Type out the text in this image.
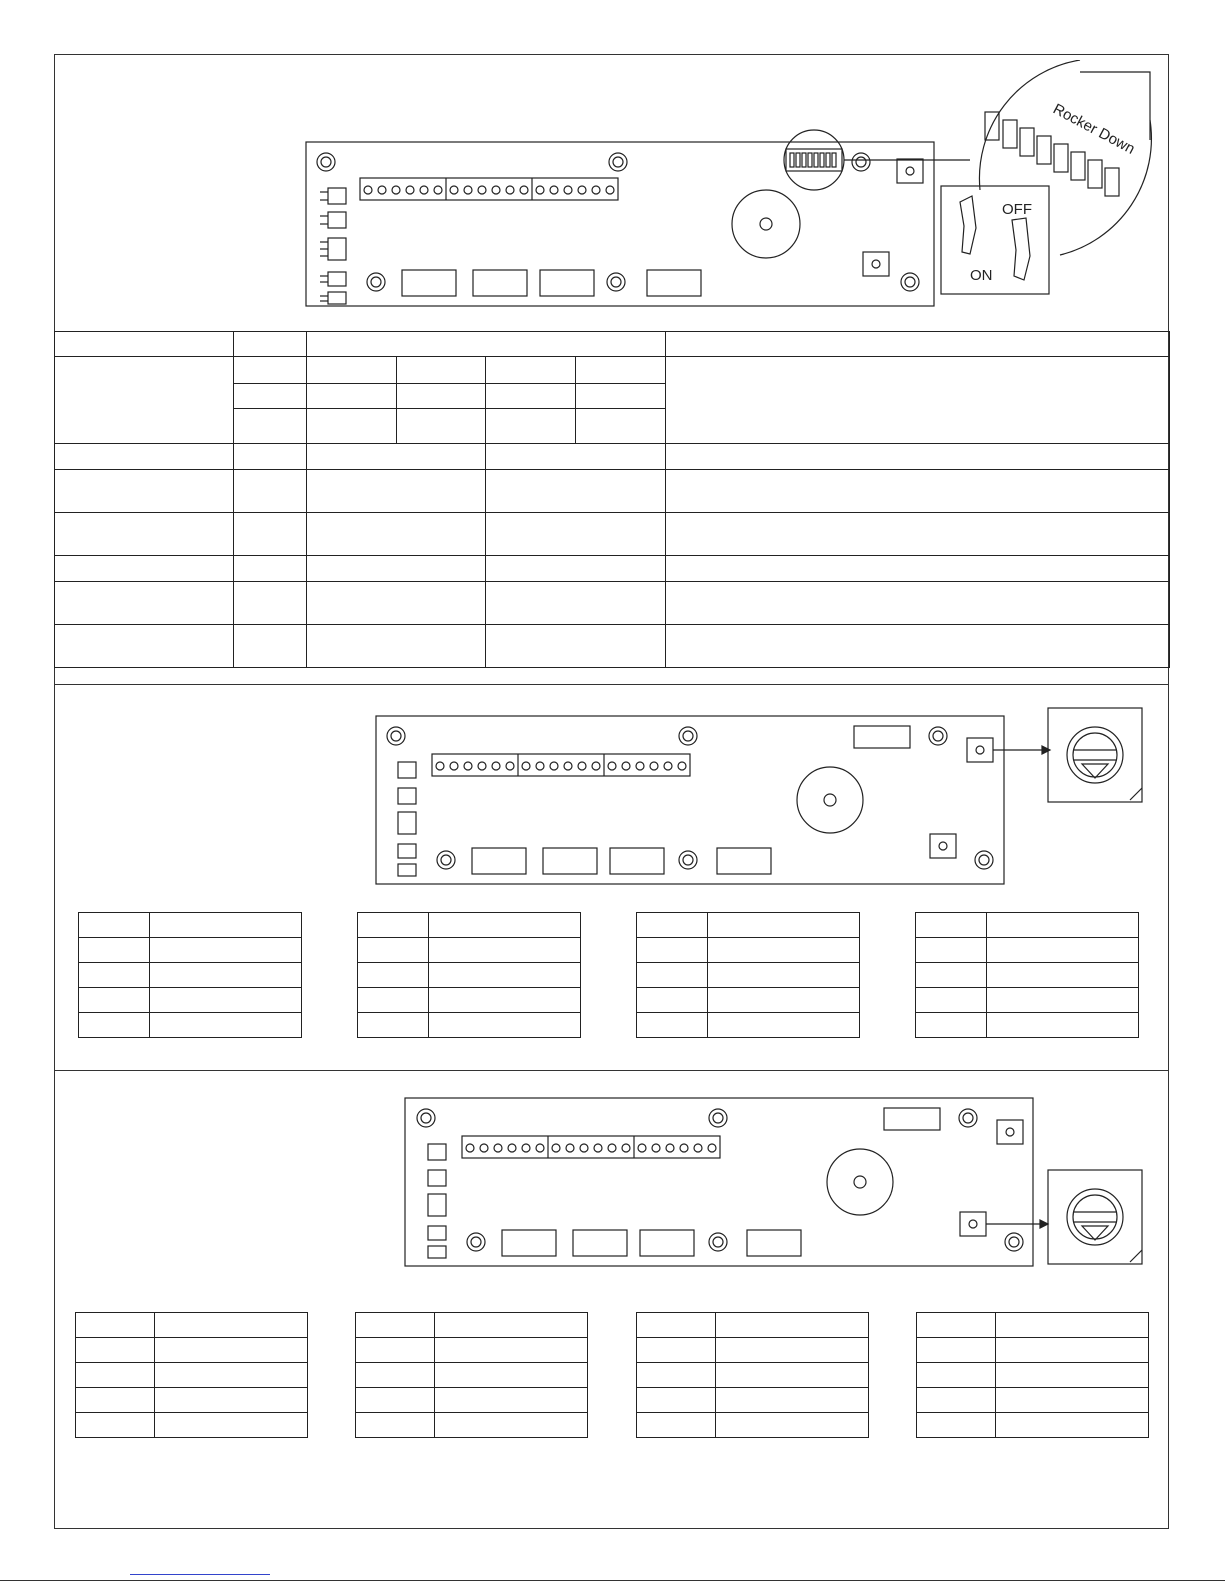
Rocker Down
ON
OFF
